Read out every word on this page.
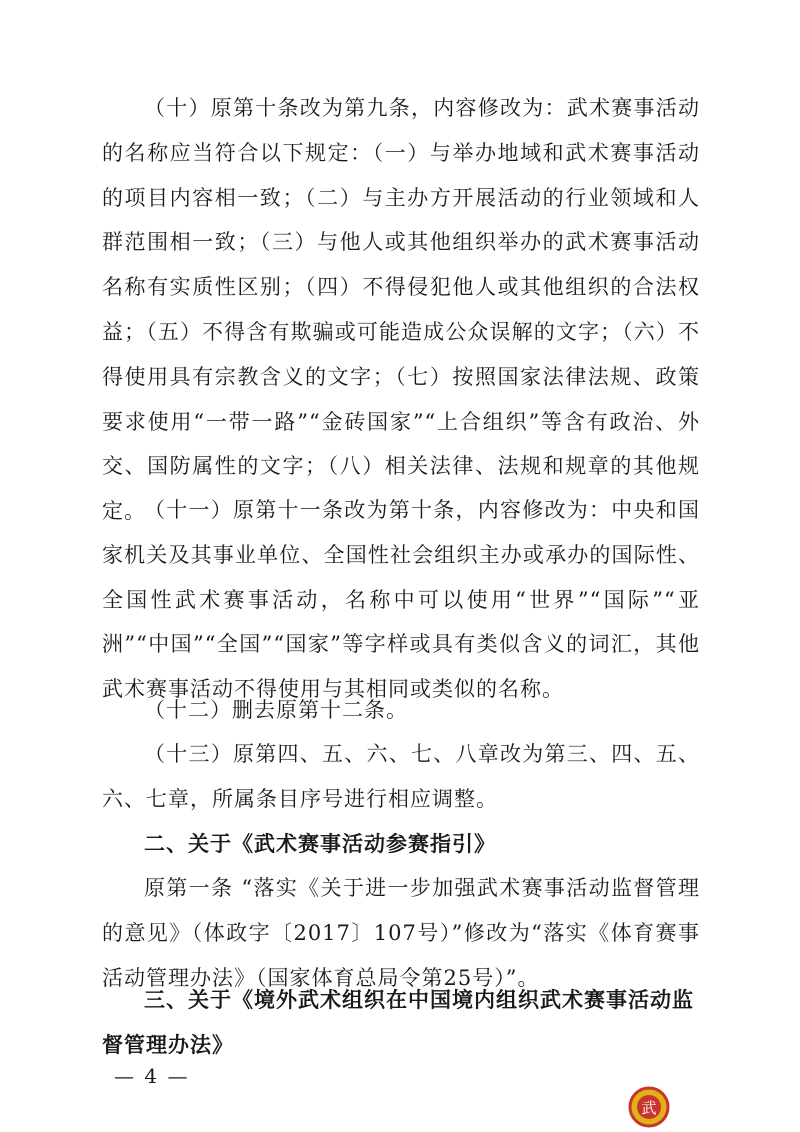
（十）原第十条改为第九条，内容修改为：武术赛事活动的名称应当符合以下规定：（一）与举办地域和武术赛事活动的项目内容相一致；（二）与主办方开展活动的行业领域和人群范围相一致；（三）与他人或其他组织举办的武术赛事活动名称有实质性区别；（四）不得侵犯他人或其他组织的合法权益；（五）不得含有欺骗或可能造成公众误解的文字；（六）不得使用具有宗教含义的文字；（七）按照国家法律法规、政策要求使用“一带一路”“金砖国家”“上合组织”等含有政治、外交、国防属性的文字；（八）相关法律、法规和规章的其他规定。

（十一）原第十一条改为第十条，内容修改为：中央和国家机关及其事业单位、全国性社会组织主办或承办的国际性、全国性武术赛事活动，名称中可以使用“世界”“国际”“亚洲”“中国”“全国”“国家”等字样或具有类似含义的词汇，其他武术赛事活动不得使用与其相同或类似的名称。

（十二）删去原第十二条。

（十三）原第四、五、六、七、八章改为第三、四、五、六、七章，所属条目序号进行相应调整。

二、关于《武术赛事活动参赛指引》

原第一条 “落实《关于进一步加强武术赛事活动监督管理的意见》（体政字〔2017〕107号）”修改为“落实《体育赛事活动管理办法》（国家体育总局令第25号）”。

三、关于《境外武术组织在中国境内组织武术赛事活动监督管理办法》

— 4 —
武
